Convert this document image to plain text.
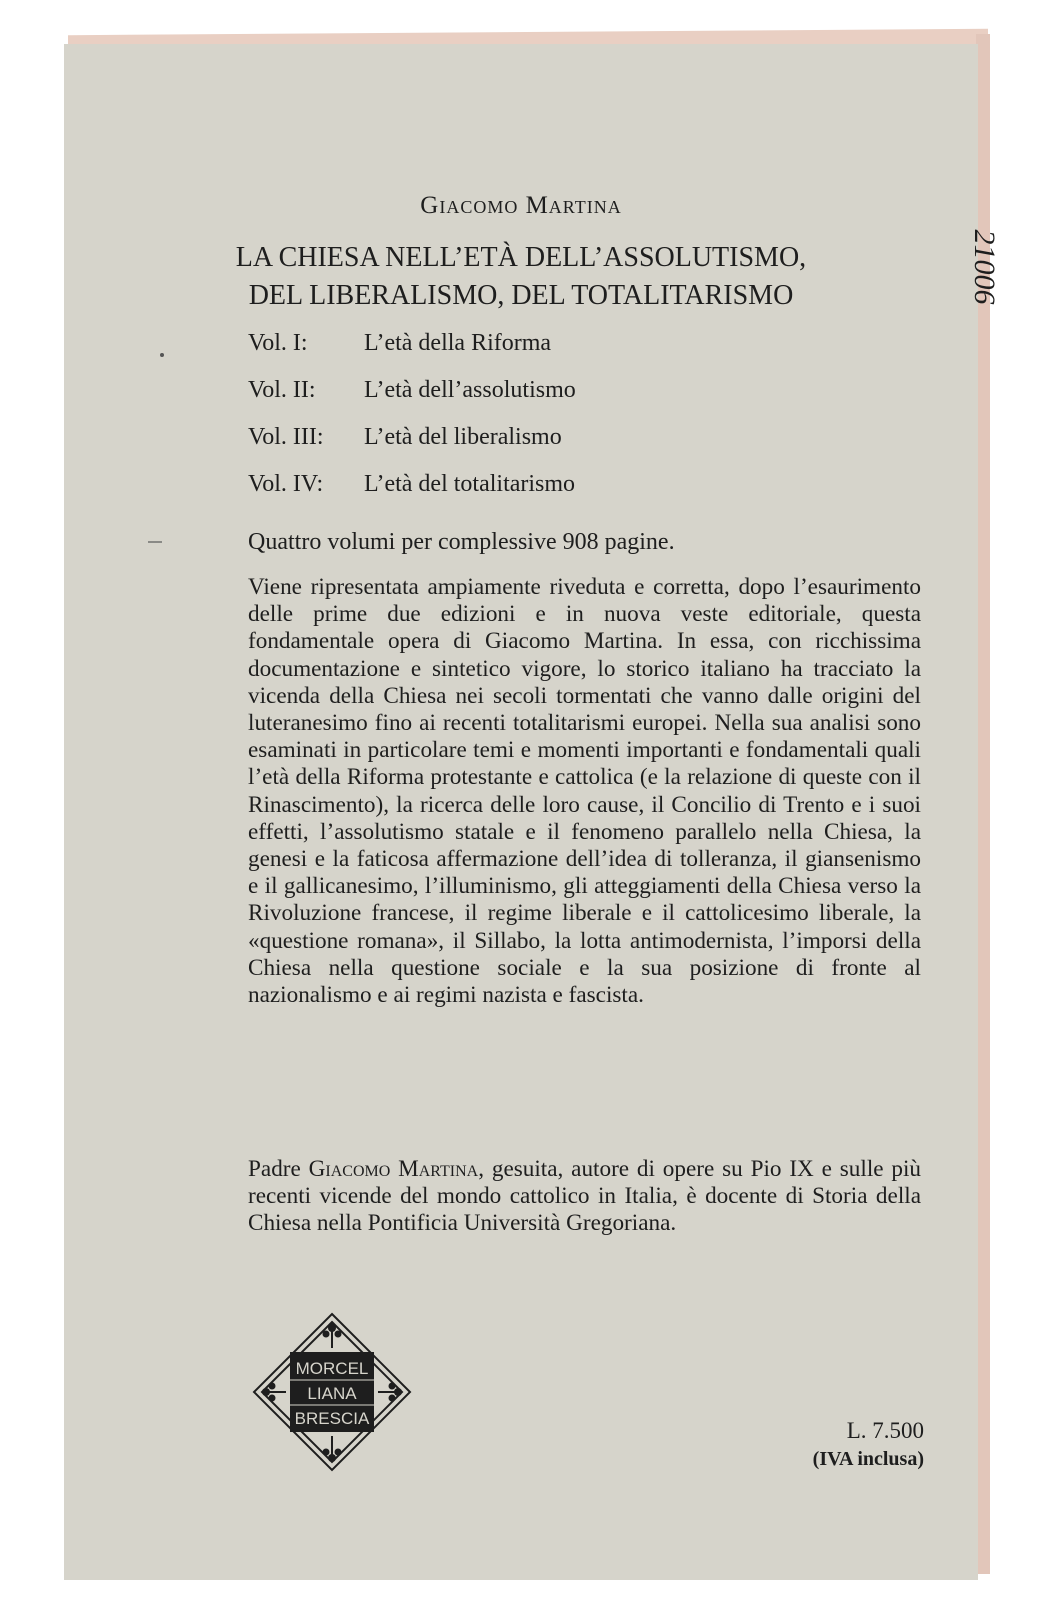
Giacomo Martina
LA CHIESA NELL’ETÀ DELL’ASSOLUTISMO,
DEL LIBERALISMO, DEL TOTALITARISMO	21006
Vol. I:	L’età della Riforma
Vol. II:	L’età dell’assolutismo
Vol. III:	L’età del liberalismo
Vol. IV:	L’età del totalitarismo
Quattro volumi per complessive 908 pagine.
Viene ripresentata ampiamente riveduta e corretta, dopo l’esaurimento delle prime due edizioni e in nuova veste editoriale, questa fondamentale opera di Giacomo Martina. In essa, con ricchissima documentazione e sintetico vigore, lo storico italiano ha tracciato la vicenda della Chiesa nei secoli tormentati che vanno dalle origini del luteranesimo fino ai recenti totalitarismi europei. Nella sua analisi sono esaminati in particolare temi e momenti importanti e fondamentali quali l’età della Riforma protestante e cattolica (e la relazione di queste con il Rinascimento), la ricerca delle loro cause, il Concilio di Trento e i suoi effetti, l’assolutismo statale e il fenomeno parallelo nella Chiesa, la genesi e la faticosa affermazione dell’idea di tolleranza, il giansenismo e il gallicanesimo, l’illuminismo, gli atteggiamenti della Chiesa verso la Rivoluzione francese, il regime liberale e il cattolicesimo liberale, la «questione romana», il Sillabo, la lotta antimodernista, l’imporsi della Chiesa nella questione sociale e la sua posizione di fronte al nazionalismo e ai regimi nazista e fascista.
Padre Giacomo Martina, gesuita, autore di opere su Pio IX e sulle più recenti vicende del mondo cattolico in Italia, è docente di Storia della Chiesa nella Pontificia Università Gregoriana.
MORCEL
LIANA
BRESCIA	L. 7.500
(IVA inclusa)
